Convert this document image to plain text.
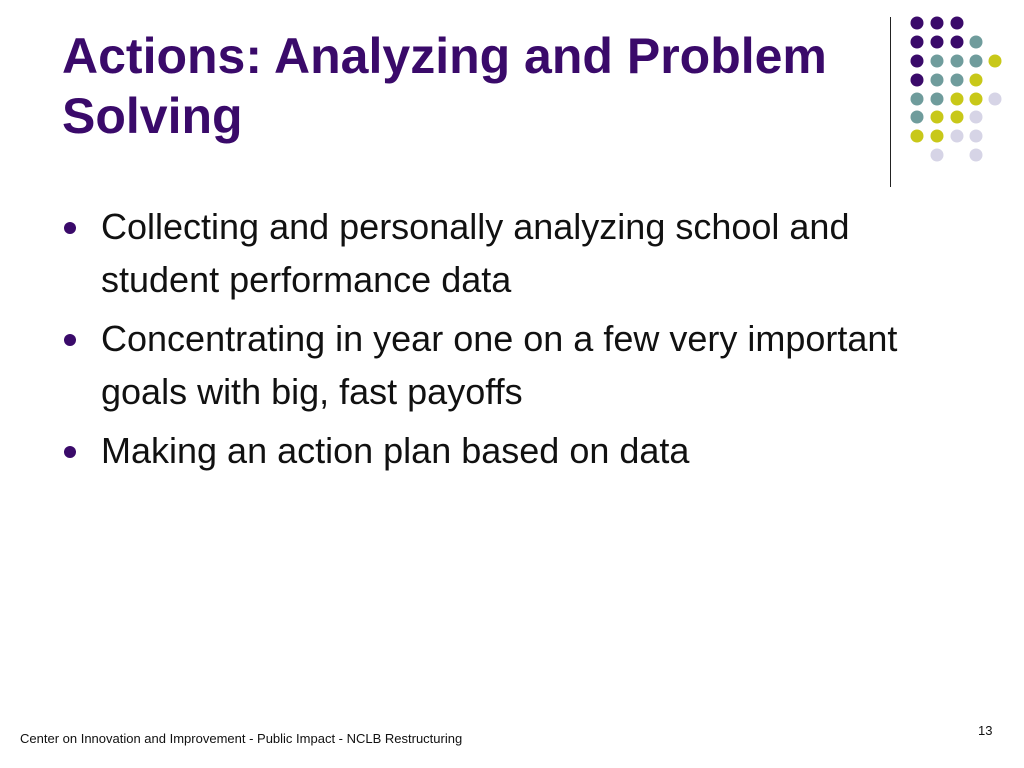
Actions: Analyzing and Problem Solving
Collecting and personally analyzing school and student performance data
Concentrating in year one on a few very important goals with big, fast payoffs
Making an action plan based on data
Center on Innovation and Improvement - Public Impact - NCLB Restructuring
13
